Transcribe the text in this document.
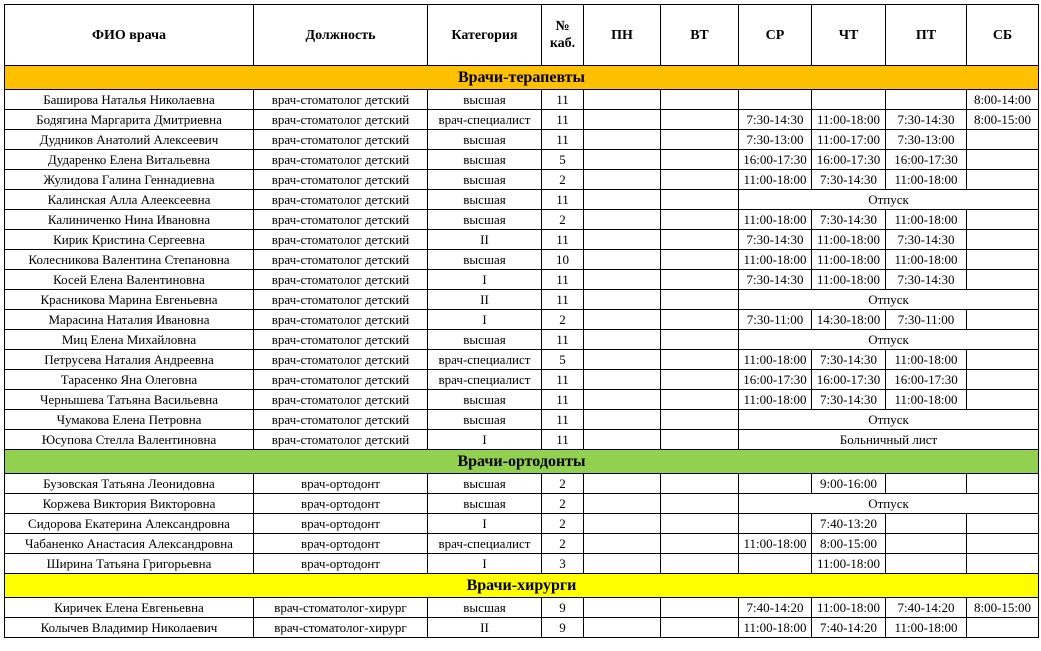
ФИО врача	Должность	Категория	№ каб.	ПН	ВТ	СР	ЧТ	ПТ	СБ
Врачи-терапевты									
Баширова Наталья Николаевна	врач-стоматолог детский	высшая	11						8:00-14:00
Бодягина Маргарита Дмитриевна	врач-стоматолог детский	врач-специалист	11			7:30-14:30	11:00-18:00	7:30-14:30	8:00-15:00
Дудников Анатолий Алексеевич	врач-стоматолог детский	высшая	11			7:30-13:00	11:00-17:00	7:30-13:00	
Дударенко Елена Витальевна	врач-стоматолог детский	высшая	5			16:00-17:30	16:00-17:30	16:00-17:30	
Жулидова Галина Геннадиевна	врач-стоматолог детский	высшая	2			11:00-18:00	7:30-14:30	11:00-18:00	
Калинская Алла Алеексеевна	врач-стоматолог детский	высшая	11			Отпуск			
Калиниченко Нина Ивановна	врач-стоматолог детский	высшая	2			11:00-18:00	7:30-14:30	11:00-18:00	
Кирик Кристина Сергеевна	врач-стоматолог детский	II	11			7:30-14:30	11:00-18:00	7:30-14:30	
Колесникова Валентина Степановна	врач-стоматолог детский	высшая	10			11:00-18:00	11:00-18:00	11:00-18:00	
Косей Елена Валентиновна	врач-стоматолог детский	I	11			7:30-14:30	11:00-18:00	7:30-14:30	
Красникова Марина Евгеньевна	врач-стоматолог детский	II	11			Отпуск			
Марасина Наталия Ивановна	врач-стоматолог детский	I	2			7:30-11:00	14:30-18:00	7:30-11:00	
Миц Елена Михайловна	врач-стоматолог детский	высшая	11			Отпуск			
Петрусева Наталия Андреевна	врач-стоматолог детский	врач-специалист	5			11:00-18:00	7:30-14:30	11:00-18:00	
Тарасенко Яна Олеговна	врач-стоматолог детский	врач-специалист	11			16:00-17:30	16:00-17:30	16:00-17:30	
Чернышева Татьяна Васильевна	врач-стоматолог детский	высшая	11			11:00-18:00	7:30-14:30	11:00-18:00	
Чумакова Елена Петровна	врач-стоматолог детский	высшая	11			Отпуск			
Юсупова Стелла Валентиновна	врач-стоматолог детский	I	11			Больничный лист			
Врачи-ортодонты									
Бузовская Татьяна Леонидовна	врач-ортодонт	высшая	2				9:00-16:00		
Коржева Виктория Викторовна	врач-ортодонт	высшая	2			Отпуск			
Сидорова Екатерина Александровна	врач-ортодонт	I	2				7:40-13:20		
Чабаненко Анастасия Александровна	врач-ортодонт	врач-специалист	2			11:00-18:00	8:00-15:00		
Ширина Татьяна Григорьевна	врач-ортодонт	I	3				11:00-18:00		
Врачи-хирурги									
Киричек Елена Евгеньевна	врач-стоматолог-хирург	высшая	9			7:40-14:20	11:00-18:00	7:40-14:20	8:00-15:00
Колычев Владимир Николаевич	врач-стоматолог-хирург	II	9			11:00-18:00	7:40-14:20	11:00-18:00	
